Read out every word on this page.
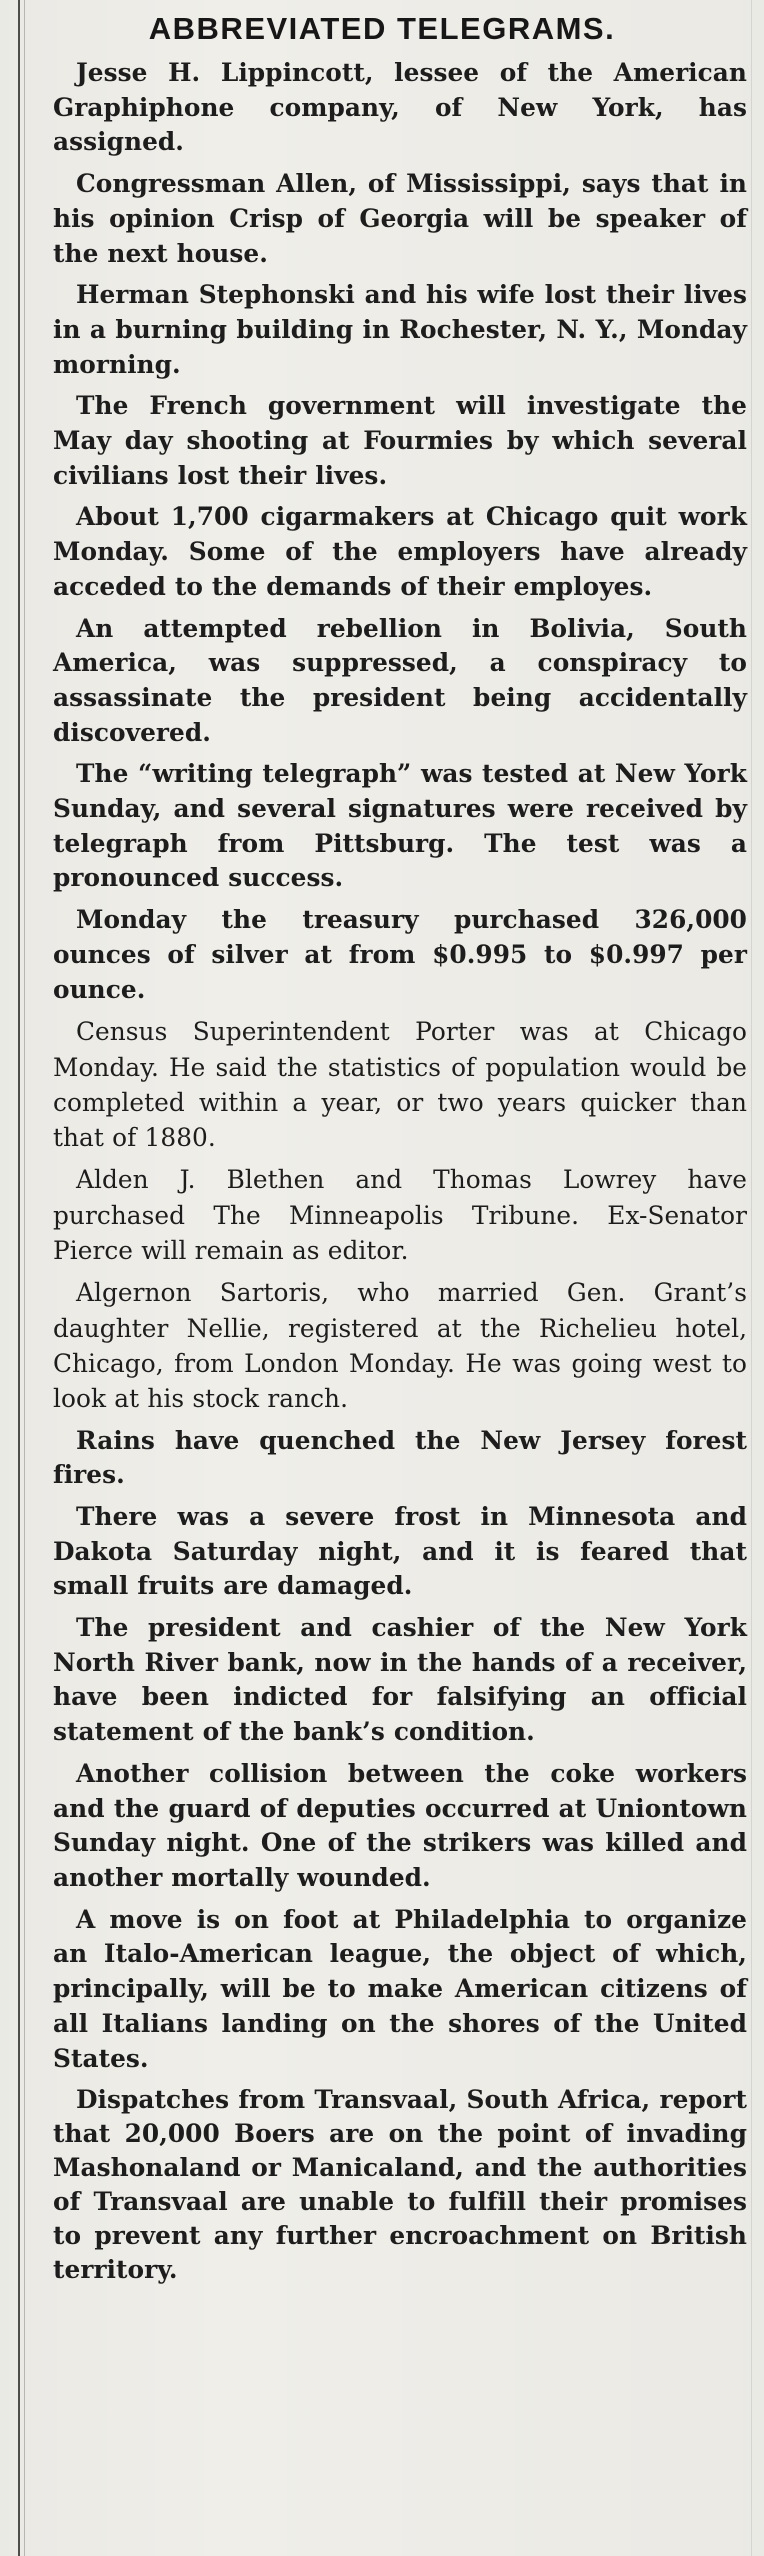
ABBREVIATED TELEGRAMS.

Jesse H. Lippincott, lessee of the American Graphiphone company, of New York, has assigned.

Congressman Allen, of Mississippi, says that in his opinion Crisp of Georgia will be speaker of the next house.

Herman Stephonski and his wife lost their lives in a burning building in Rochester, N. Y., Monday morning.

The French government will investigate the May day shooting at Fourmies by which several civilians lost their lives.

About 1,700 cigarmakers at Chicago quit work Monday. Some of the employers have already acceded to the demands of their employes.

An attempted rebellion in Bolivia, South America, was suppressed, a conspiracy to assassinate the president being accidentally discovered.

The “writing telegraph” was tested at New York Sunday, and several signatures were received by telegraph from Pittsburg. The test was a pronounced success.

Monday the treasury purchased 326,000 ounces of silver at from $0.995 to $0.997 per ounce.

Census Superintendent Porter was at Chicago Monday. He said the statistics of population would be completed within a year, or two years quicker than that of 1880.

Alden J. Blethen and Thomas Lowrey have purchased The Minneapolis Tribune. Ex-Senator Pierce will remain as editor.

Algernon Sartoris, who married Gen. Grant’s daughter Nellie, registered at the Richelieu hotel, Chicago, from London Monday. He was going west to look at his stock ranch.

Rains have quenched the New Jersey forest fires.

There was a severe frost in Minnesota and Dakota Saturday night, and it is feared that small fruits are damaged.

The president and cashier of the New York North River bank, now in the hands of a receiver, have been indicted for falsifying an official statement of the bank’s condition.

Another collision between the coke workers and the guard of deputies occurred at Uniontown Sunday night. One of the strikers was killed and another mortally wounded.

A move is on foot at Philadelphia to organize an Italo-American league, the object of which, principally, will be to make American citizens of all Italians landing on the shores of the United States.

Dispatches from Transvaal, South Africa, report that 20,000 Boers are on the point of invading Mashonaland or Manicaland, and the authorities of Transvaal are unable to fulfill their promises to prevent any further encroachment on British territory.
